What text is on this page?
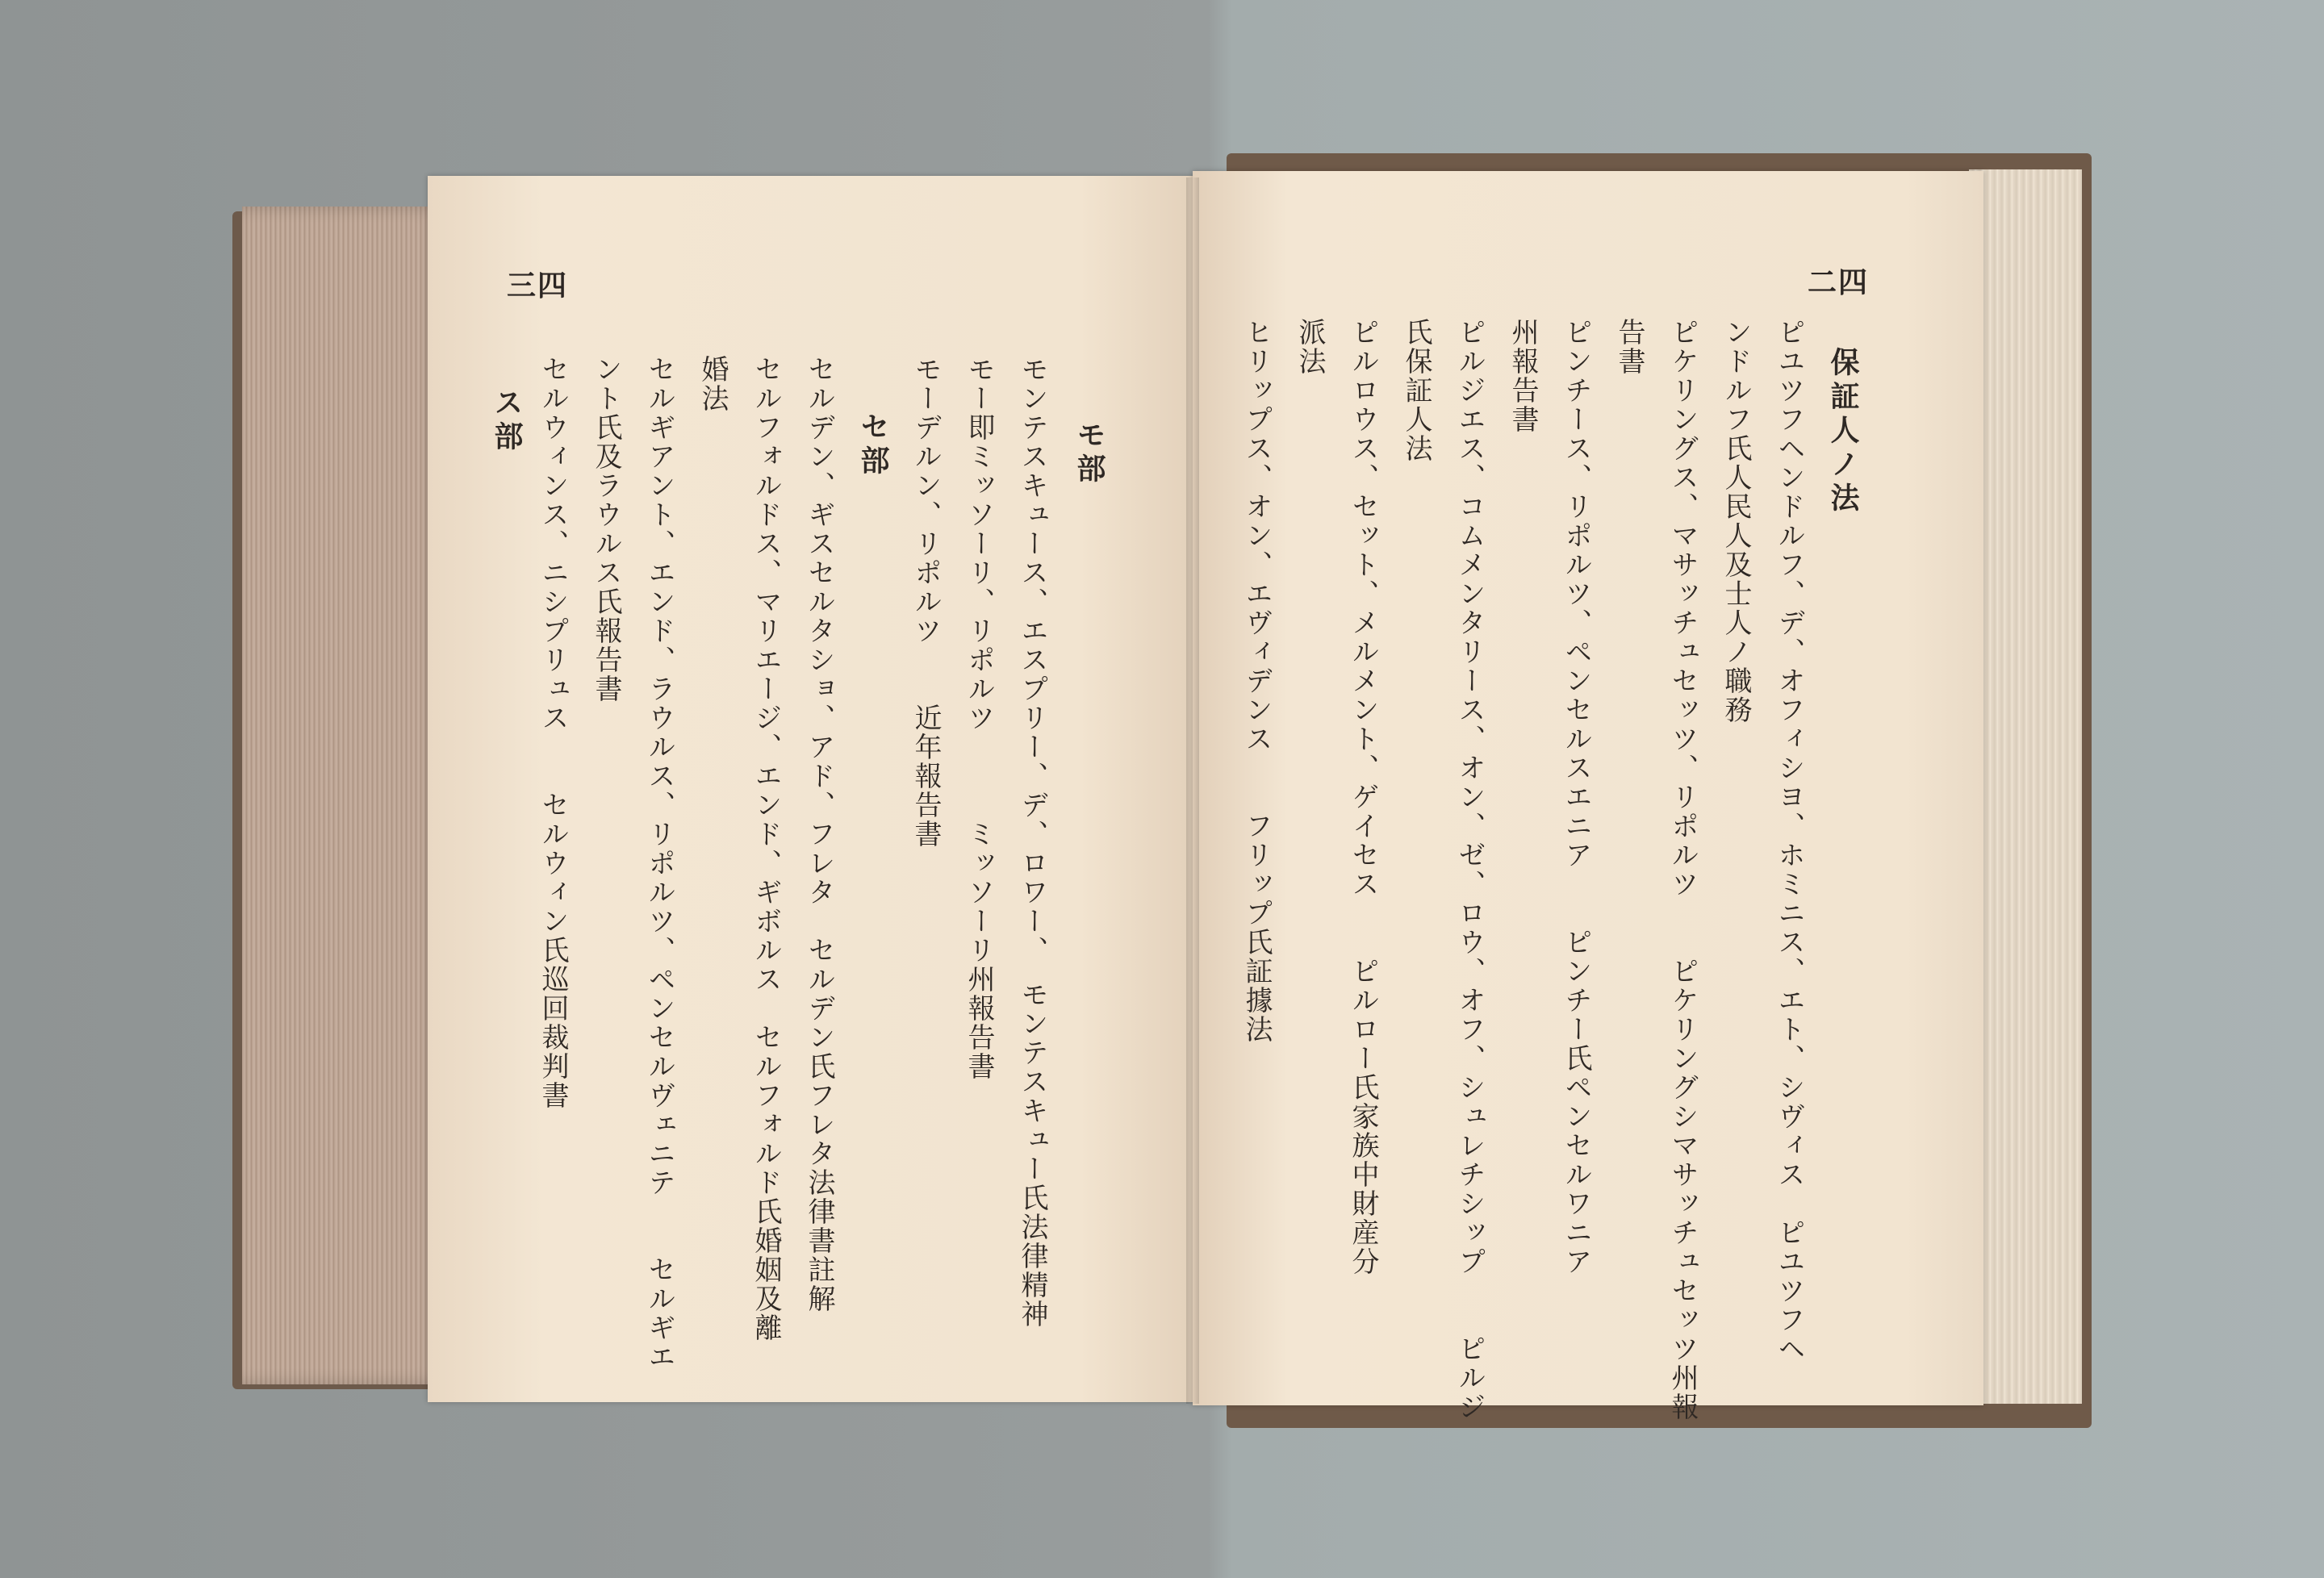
三四
モ部
モンテスキュース、エスプリー、デ、ロワー、　モンテスキュー氏法律精神
モー即ミッソーリ、リポルツ　　　ミッソーリ州報告書
モーデルン、リポルツ　　近年報告書
セ部
セルデン、ギスセルタショ、アド、フレタ　セルデン氏フレタ法律書註解
セルフォルドス、マリエージ、エンド、ギボルス　セルフォルド氏婚姻及離
婚法
セルギアント、エンド、ラウルス、リポルツ、ペンセルヴェニテ　　セルギエ
ント氏及ラウルス氏報告書
セルウィンス、ニシプリュス　　セルウィン氏巡回裁判書
ス部
二四
保証人ノ法
ピユツフヘンドルフ、デ、オフィシヨ、ホミニス、エト、シヴィス　ピユツフヘ
ンドルフ氏人民人及士人ノ職務
ピケリングス、マサッチュセッツ、リポルツ　　ピケリングシマサッチュセッツ州報
告書
ピンチース、リポルツ、ペンセルスエニア　　ピンチー氏ペンセルワニア
州報告書
ピルジエス、コムメンタリース、オン、ゼ、ロウ、オフ、シュレチシップ　　ピルジ
氏保証人法
ピルロウス、セット、メルメント、ゲイセス　　ピルロー氏家族中財産分
派法
ヒリップス、オン、エヴィデンス　　フリップ氏証據法
